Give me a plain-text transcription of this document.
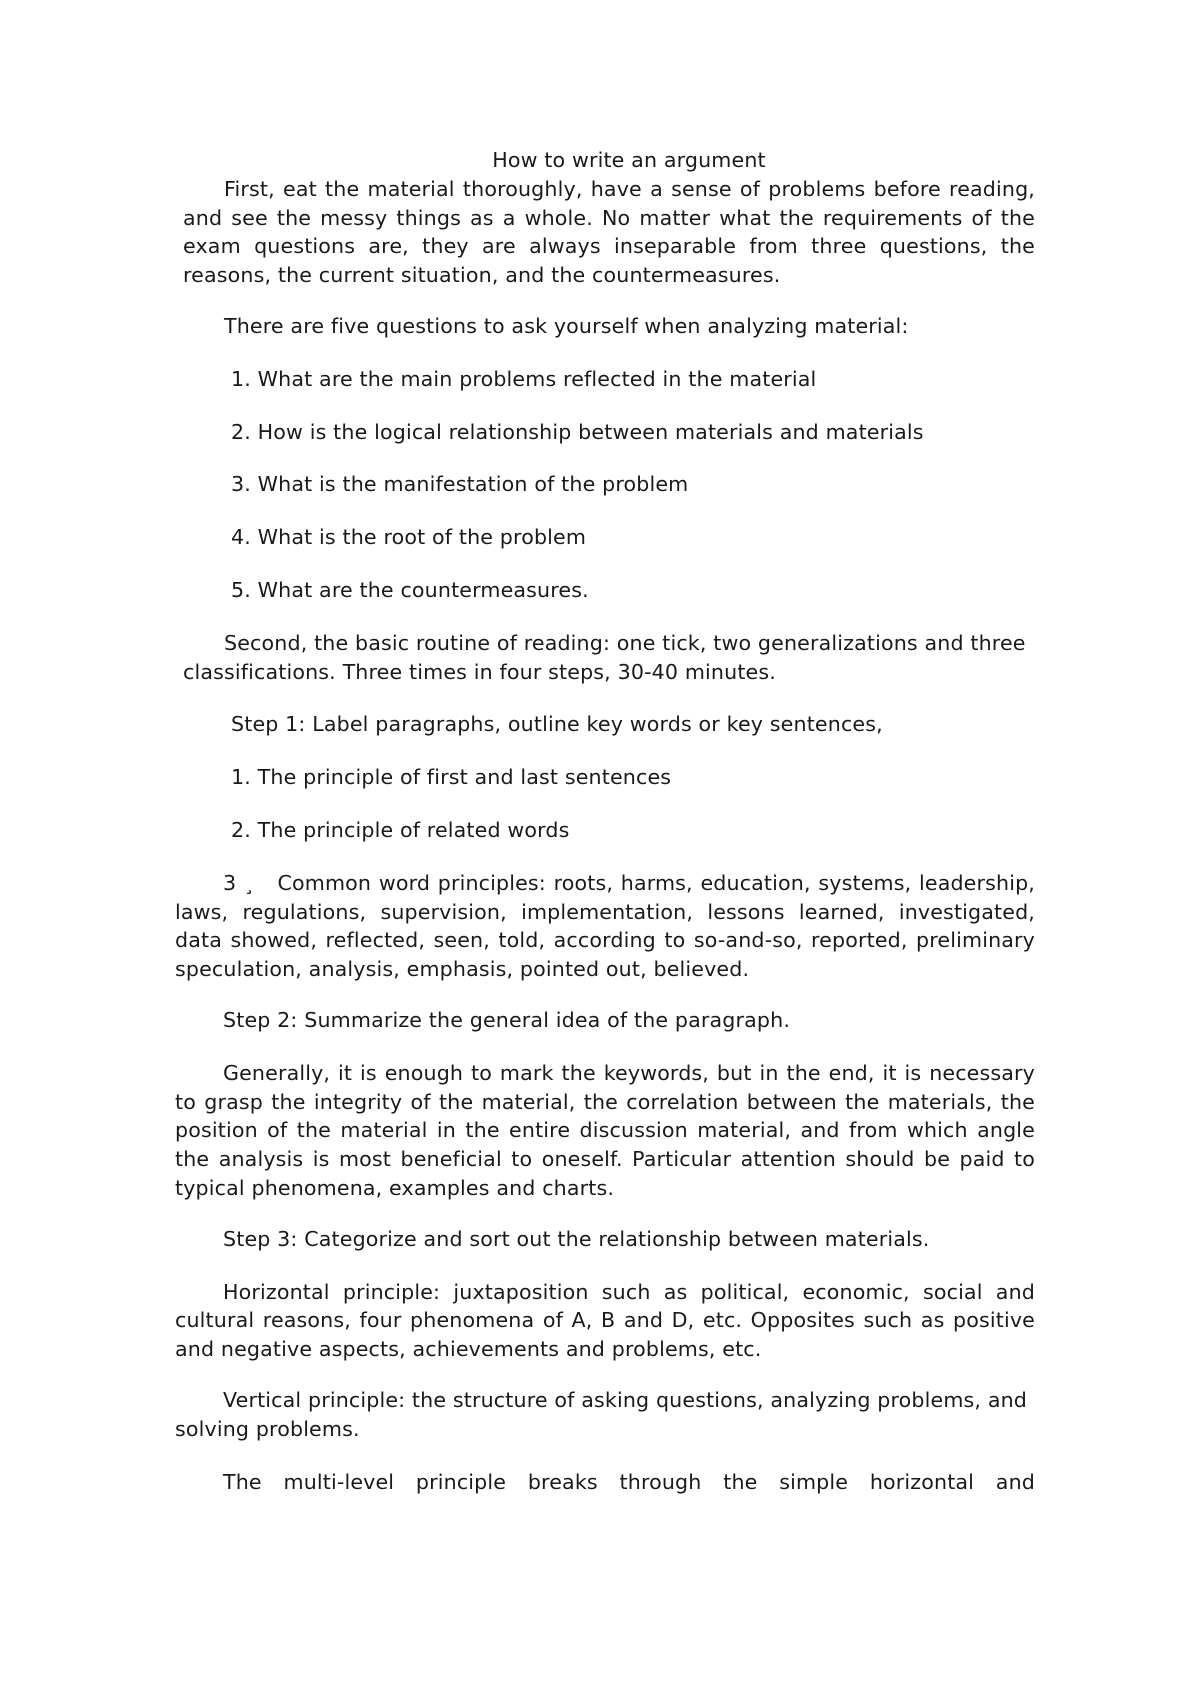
How to write an argument

First, eat the material thoroughly, have a sense of problems before reading, and see the messy things as a whole. No matter what the requirements of the exam questions are, they are always inseparable from three questions, the reasons, the current situation, and the countermeasures.

There are five questions to ask yourself when analyzing material:

1. What are the main problems reflected in the material

2. How is the logical relationship between materials and materials

3. What is the manifestation of the problem

4. What is the root of the problem

5. What are the countermeasures.

Second, the basic routine of reading: one tick, two generalizations and three classifications. Three times in four steps, 30-40 minutes.

Step 1: Label paragraphs, outline key words or key sentences,

1. The principle of first and last sentences

2. The principle of related words

3 ¸   Common word principles: roots, harms, education, systems, leadership, laws, regulations, supervision, implementation, lessons learned, investigated, data showed, reflected, seen, told, according to so-and-so, reported, preliminary speculation, analysis, emphasis, pointed out, believed.

Step 2: Summarize the general idea of the paragraph.

Generally, it is enough to mark the keywords, but in the end, it is necessary to grasp the integrity of the material, the correlation between the materials, the position of the material in the entire discussion material, and from which angle the analysis is most beneficial to oneself. Particular attention should be paid to typical phenomena, examples and charts.

Step 3: Categorize and sort out the relationship between materials.

Horizontal principle: juxtaposition such as political, economic, social and cultural reasons, four phenomena of A, B and D, etc. Opposites such as positive and negative aspects, achievements and problems, etc.

Vertical principle: the structure of asking questions, analyzing problems, and solving problems.

The multi-level principle breaks through the simple horizontal and
